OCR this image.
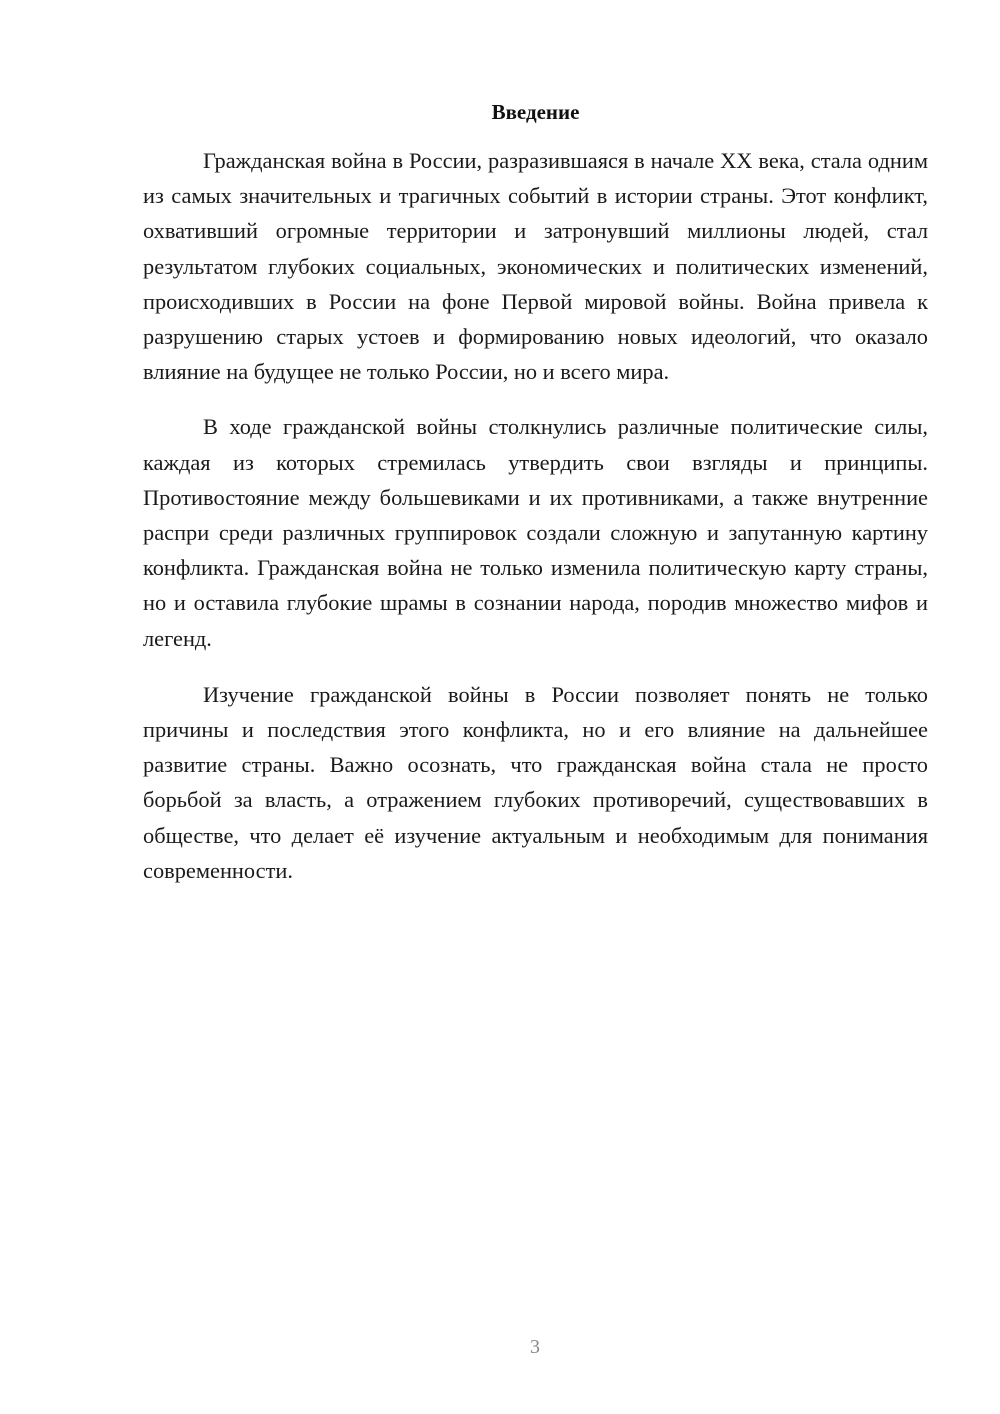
Введение

Гражданская война в России, разразившаяся в начале XX века, стала одним из самых значительных и трагичных событий в истории страны. Этот конфликт, охвативший огромные территории и затронувший миллионы людей, стал результатом глубоких социальных, экономических и политических изменений, происходивших в России на фоне Первой мировой войны. Война привела к разрушению старых устоев и формированию новых идеологий, что оказало влияние на будущее не только России, но и всего мира.

В ходе гражданской войны столкнулись различные политические силы, каждая из которых стремилась утвердить свои взгляды и принципы. Противостояние между большевиками и их противниками, а также внутренние распри среди различных группировок создали сложную и запутанную картину конфликта. Гражданская война не только изменила политическую карту страны, но и оставила глубокие шрамы в сознании народа, породив множество мифов и легенд.

Изучение гражданской войны в России позволяет понять не только причины и последствия этого конфликта, но и его влияние на дальнейшее развитие страны. Важно осознать, что гражданская война стала не просто борьбой за власть, а отражением глубоких противоречий, существовавших в обществе, что делает её изучение актуальным и необходимым для понимания современности.

3
